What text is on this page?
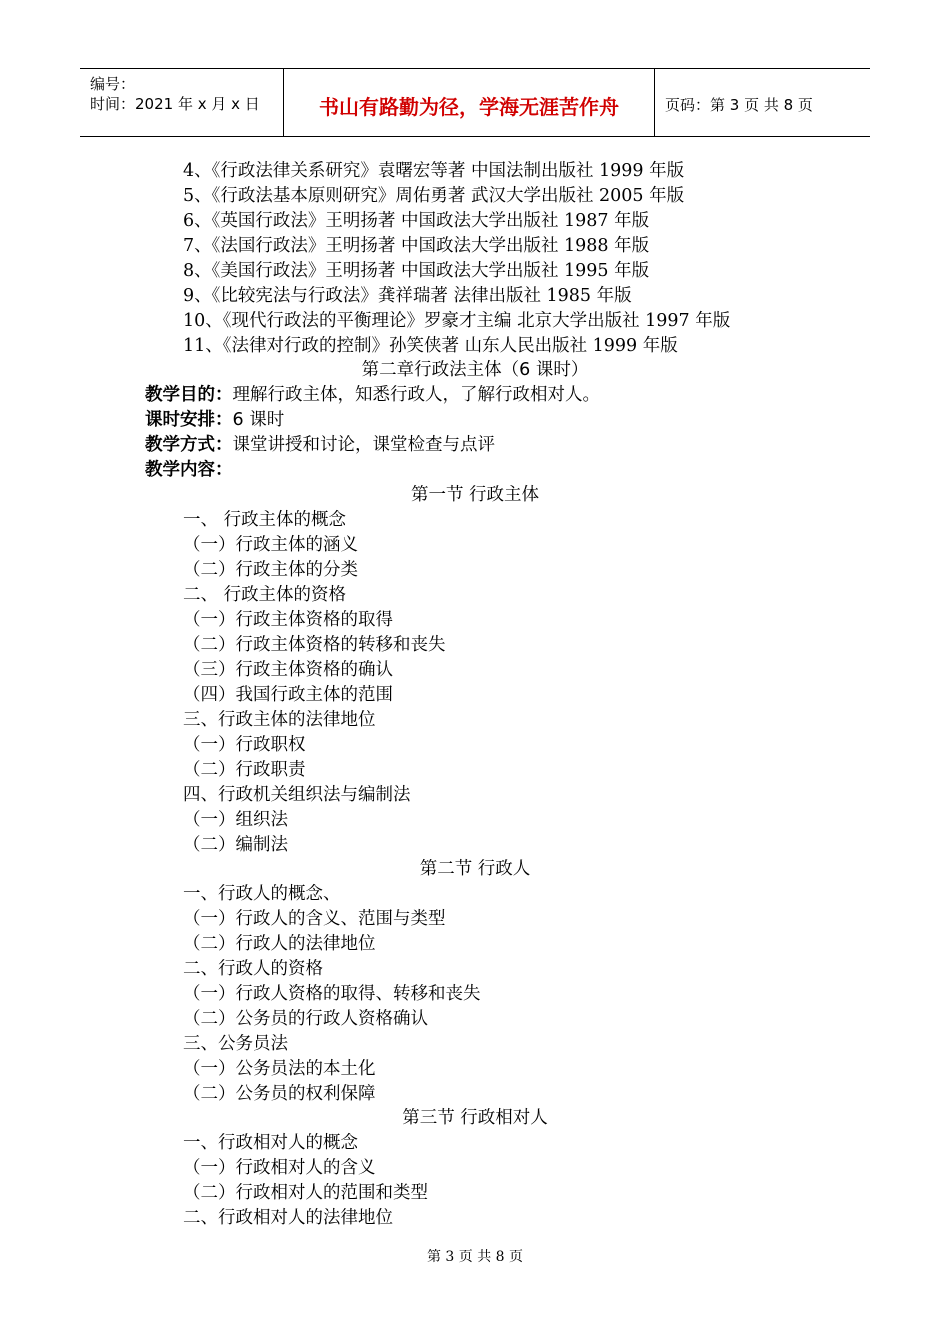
编号：
时间：2021 年 x 月 x 日	书山有路勤为径，学海无涯苦作舟	页码：第 3 页 共 8 页
4、《行政法律关系研究》袁曙宏等著 中国法制出版社 1999 年版
5、《行政法基本原则研究》周佑勇著 武汉大学出版社 2005 年版
6、《英国行政法》王明扬著 中国政法大学出版社 1987 年版
7、《法国行政法》王明扬著 中国政法大学出版社 1988 年版
8、《美国行政法》王明扬著 中国政法大学出版社 1995 年版
9、《比较宪法与行政法》龚祥瑞著 法律出版社 1985 年版
10、《现代行政法的平衡理论》罗豪才主编 北京大学出版社 1997 年版
11、《法律对行政的控制》孙笑侠著 山东人民出版社 1999 年版
第二章行政法主体（6 课时）
教学目的：理解行政主体，知悉行政人，了解行政相对人。
课时安排：6 课时
教学方式：课堂讲授和讨论，课堂检查与点评
教学内容：
第一节 行政主体
一、 行政主体的概念
（一）行政主体的涵义
（二）行政主体的分类
二、 行政主体的资格
（一）行政主体资格的取得
（二）行政主体资格的转移和丧失
（三）行政主体资格的确认
（四）我国行政主体的范围
三、行政主体的法律地位
（一）行政职权
（二）行政职责
四、行政机关组织法与编制法
（一）组织法
（二）编制法
第二节 行政人
一、行政人的概念、
（一）行政人的含义、范围与类型
（二）行政人的法律地位
二、行政人的资格
（一）行政人资格的取得、转移和丧失
（二）公务员的行政人资格确认
三、公务员法
（一）公务员法的本土化
（二）公务员的权利保障
第三节 行政相对人
一、行政相对人的概念
（一）行政相对人的含义
（二）行政相对人的范围和类型
二、行政相对人的法律地位
第 3 页 共 8 页
